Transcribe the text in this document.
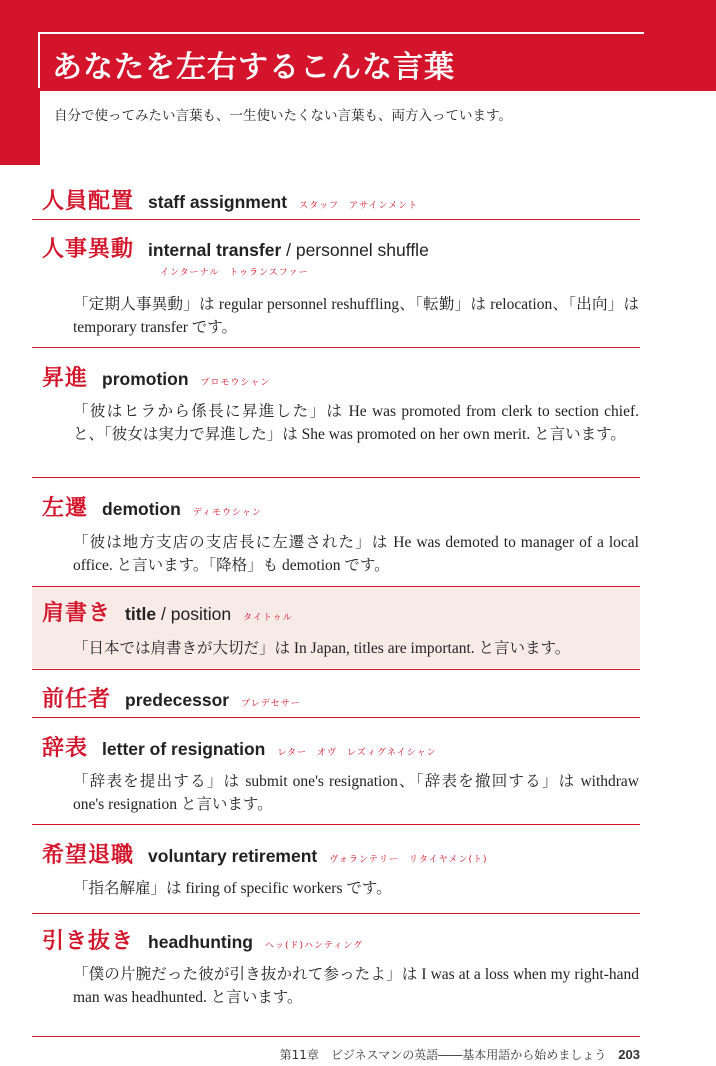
あなたを左右するこんな言葉
自分で使ってみたい言葉も、一生使いたくない言葉も、両方入っています。
人員配置 staff assignment スタッフ　アサインメント
人事異動 internal transfer / personnel shuffle
インターナル　トゥランスファー
「定期人事異動」は regular personnel reshuffling、「転勤」は relocation、「出向」は temporary transfer です。
昇進 promotion プロモウシャン
「彼はヒラから係長に昇進した」は He was promoted from clerk to section chief. と、「彼女は実力で昇進した」は She was promoted on her own merit. と言います。
左遷 demotion ディモウシャン
「彼は地方支店の支店長に左遷された」は He was demoted to manager of a local office. と言います。「降格」も demotion です。
肩書き title / position タイトゥル
「日本では肩書きが大切だ」は In Japan, titles are important. と言います。
前任者 predecessor プレデセサー
辞表 letter of resignation レター　オヴ　レズィグネイシャン
「辞表を提出する」は submit one's resignation、「辞表を撤回する」は withdraw one's resignation と言います。
希望退職 voluntary retirement ヴォランテリー　リタイヤメン(ト)
「指名解雇」は firing of specific workers です。
引き抜き headhunting ヘッ(ド)ハンティング
「僕の片腕だった彼が引き抜かれて参ったよ」は I was at a loss when my right-hand man was headhunted. と言います。
第11章　ビジネスマンの英語――基本用語から始めましょう 203
